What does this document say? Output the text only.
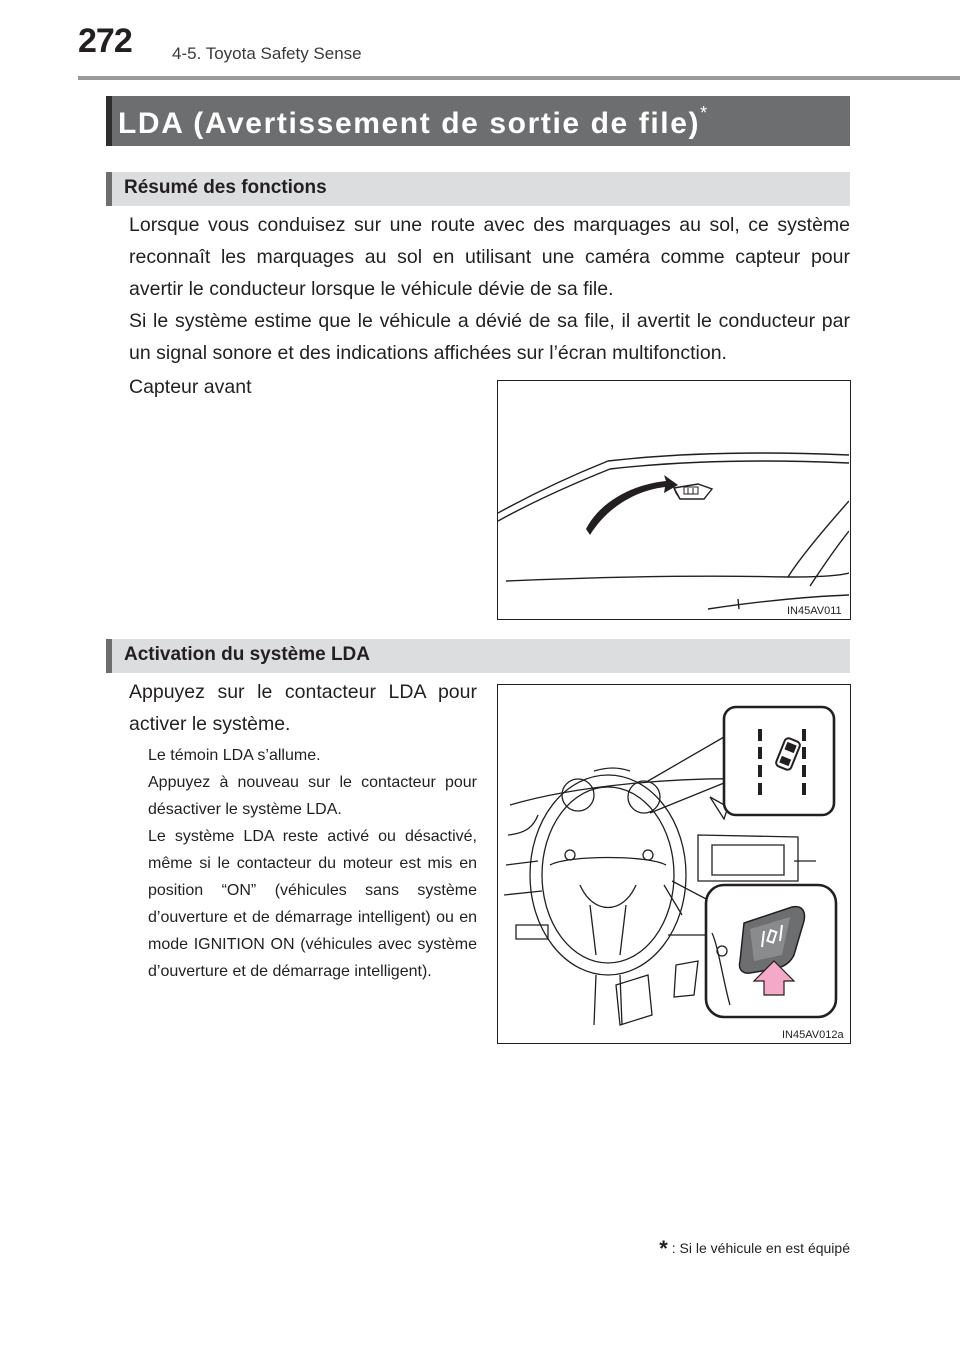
272 4-5. Toyota Safety Sense
LDA (Avertissement de sortie de file)*
Résumé des fonctions
Lorsque vous conduisez sur une route avec des marquages au sol, ce système reconnaît les marquages au sol en utilisant une caméra comme capteur pour avertir le conducteur lorsque le véhicule dévie de sa file.
Si le système estime que le véhicule a dévié de sa file, il avertit le conducteur par un signal sonore et des indications affichées sur l’écran multifonction.
Capteur avant
IN45AV011
Activation du système LDA
Appuyez sur le contacteur LDA pour activer le système.
Le témoin LDA s’allume.
Appuyez à nouveau sur le contacteur pour désactiver le système LDA.
Le système LDA reste activé ou désactivé, même si le contacteur du moteur est mis en position “ON” (véhicules sans système d’ouverture et de démarrage intelligent) ou en mode IGNITION ON (véhicules avec système d’ouverture et de démarrage intelligent).
IN45AV012a
* : Si le véhicule en est équipé
